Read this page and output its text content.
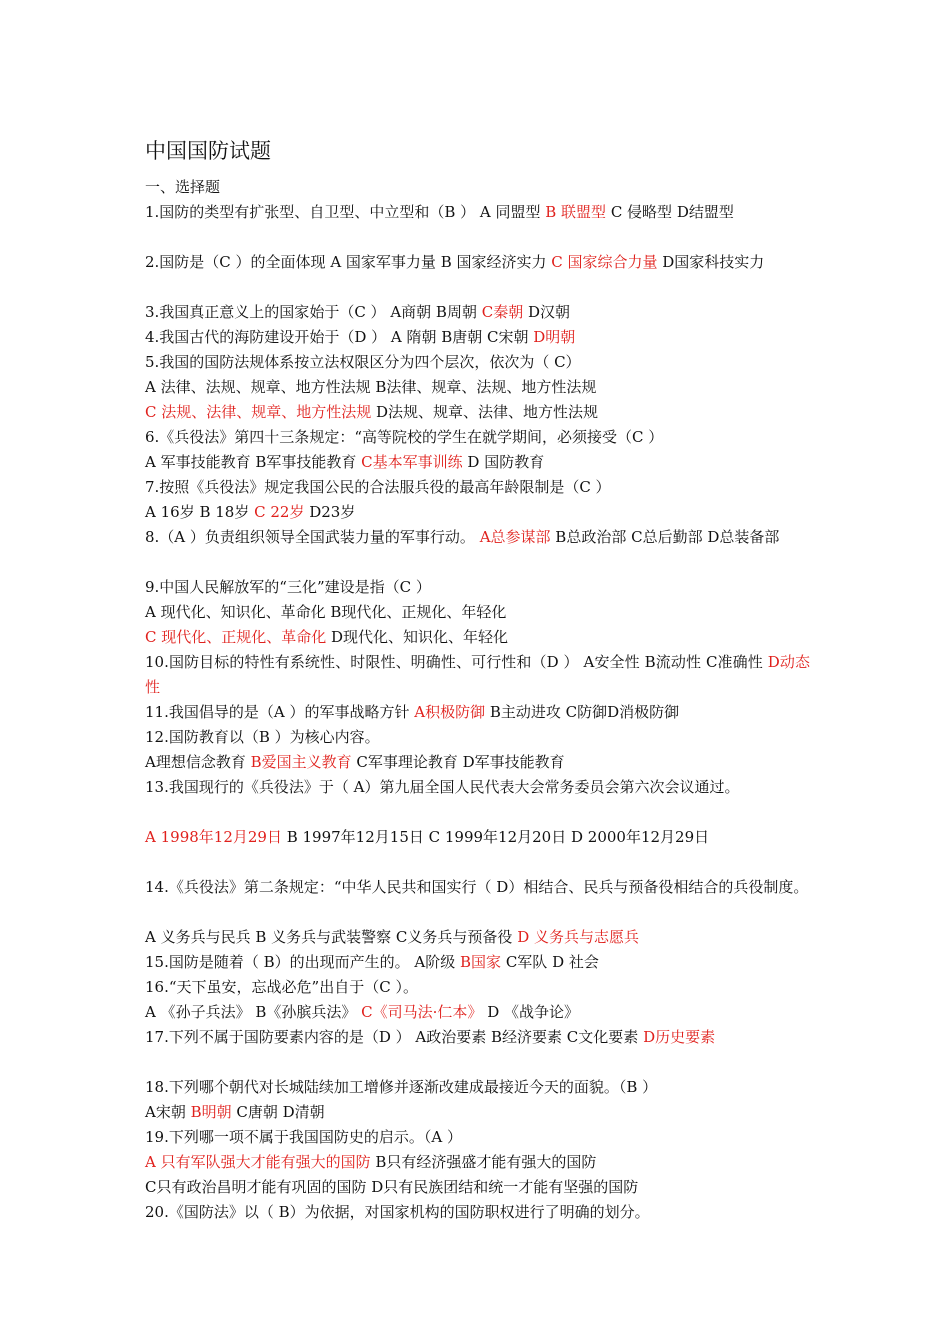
中国国防试题
一、选择题
1.国防的类型有扩张型、自卫型、中立型和（B ） A 同盟型 B 联盟型 C 侵略型 D结盟型
2.国防是（C ）的全面体现 A 国家军事力量 B 国家经济实力 C 国家综合力量 D国家科技实力
3.我国真正意义上的国家始于（C ） A商朝 B周朝 C秦朝 D汉朝
4.我国古代的海防建设开始于（D ） A 隋朝 B唐朝 C宋朝 D明朝
5.我国的国防法规体系按立法权限区分为四个层次，依次为（ C）
A 法律、法规、规章、地方性法规 B法律、规章、法规、地方性法规
C 法规、法律、规章、地方性法规 D法规、规章、法律、地方性法规
6.《兵役法》第四十三条规定：“高等院校的学生在就学期间，必须接受（C ）
A 军事技能教育 B军事技能教育 C基本军事训练 D 国防教育
7.按照《兵役法》规定我国公民的合法服兵役的最高年龄限制是（C ）
A 16岁 B 18岁 C 22岁 D23岁
8.（A ）负责组织领导全国武装力量的军事行动。 A总参谋部 B总政治部 C总后勤部 D总装备部
9.中国人民解放军的“三化”建设是指（C ）
A 现代化、知识化、革命化 B现代化、正规化、年轻化
C 现代化、正规化、革命化 D现代化、知识化、年轻化
10.国防目标的特性有系统性、时限性、明确性、可行性和（D ） A安全性 B流动性 C准确性 D动态性
11.我国倡导的是（A ）的军事战略方针 A积极防御 B主动进攻 C防御D消极防御
12.国防教育以（B ）为核心内容。
A理想信念教育 B爱国主义教育 C军事理论教育 D军事技能教育
13.我国现行的《兵役法》于（ A）第九届全国人民代表大会常务委员会第六次会议通过。
A 1998年12月29日 B 1997年12月15日 C 1999年12月20日 D 2000年12月29日
14.《兵役法》第二条规定：“中华人民共和国实行（ D）相结合、民兵与预备役相结合的兵役制度。
A 义务兵与民兵 B 义务兵与武装警察 C义务兵与预备役 D 义务兵与志愿兵
15.国防是随着（ B）的出现而产生的。 A阶级 B国家 C军队 D 社会
16.“天下虽安，忘战必危”出自于（C ）。
A 《孙子兵法》 B《孙膑兵法》 C《司马法·仁本》 D 《战争论》
17.下列不属于国防要素内容的是（D ） A政治要素 B经济要素 C文化要素 D历史要素
18.下列哪个朝代对长城陆续加工增修并逐渐改建成最接近今天的面貌。（B ）
A宋朝 B明朝 C唐朝 D清朝
19.下列哪一项不属于我国国防史的启示。（A ）
A 只有军队强大才能有强大的国防 B只有经济强盛才能有强大的国防
C只有政治昌明才能有巩固的国防 D只有民族团结和统一才能有坚强的国防
20.《国防法》以（ B）为依据，对国家机构的国防职权进行了明确的划分。
